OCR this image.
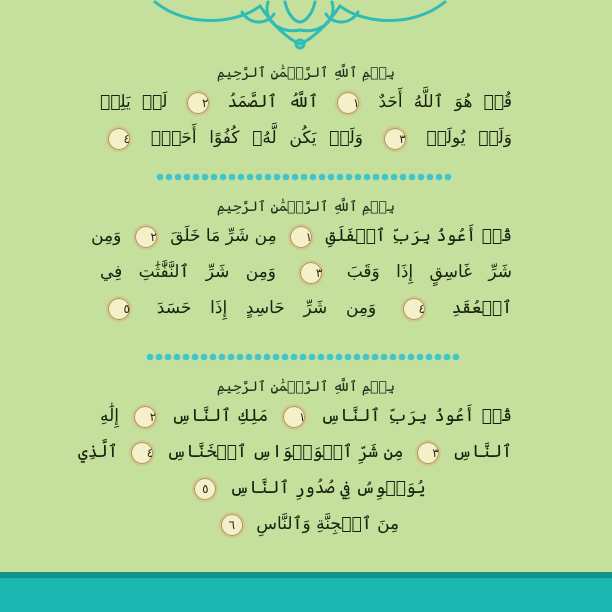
بِسۡمِ ٱللَّهِ ٱلرَّحۡمَٰنِ ٱلرَّحِيمِ
قُلۡ هُوَ ٱللَّهُ أَحَدٌ ١ ٱللَّهُ ٱلصَّمَدُ ٢ لَمۡ يَلِدۡ
وَلَمۡ يُولَدۡ ٣ وَلَمۡ يَكُن لَّهُۥ كُفُوًا أَحَدُۢ ٤
بِسۡمِ ٱللَّهِ ٱلرَّحۡمَٰنِ ٱلرَّحِيمِ
قُلۡ أَعُوذُ بِرَبِّ ٱلۡفَلَقِ ١ مِن شَرِّ مَا خَلَقَ ٢ وَمِن
شَرِّ غَاسِقٍ إِذَا وَقَبَ ٣ وَمِن شَرِّ ٱلنَّفَّٰثَٰتِ فِي
ٱلۡعُقَدِ ٤ وَمِن شَرِّ حَاسِدٍ إِذَا حَسَدَ ٥
بِسۡمِ ٱللَّهِ ٱلرَّحۡمَٰنِ ٱلرَّحِيمِ
قُلۡ أَعُوذُ بِرَبِّ ٱلنَّاسِ ١ مَلِكِ ٱلنَّاسِ ٢ إِلَٰهِ
ٱلنَّاسِ ٣ مِن شَرِّ ٱلۡوَسۡوَاسِ ٱلۡخَنَّاسِ ٤ ٱلَّذِي
يُوَسۡوِسُ فِي صُدُورِ ٱلنَّاسِ ٥
مِنَ ٱلۡجِنَّةِ وَٱلنَّاسِ ٦
